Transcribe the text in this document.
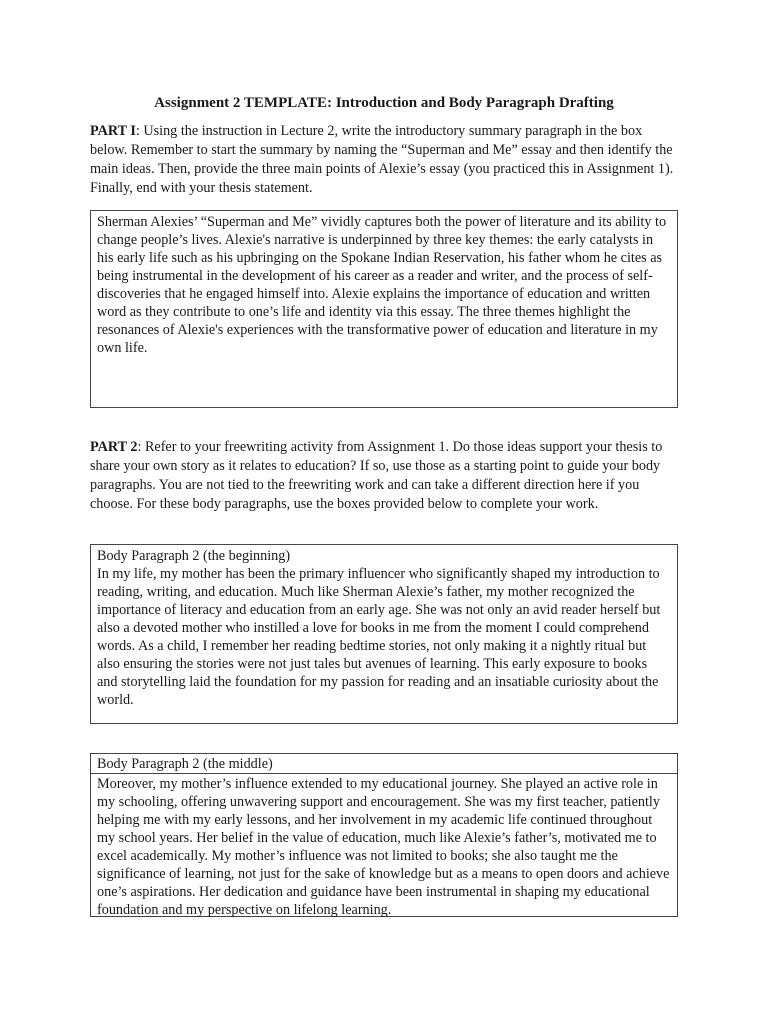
Assignment 2 TEMPLATE: Introduction and Body Paragraph Drafting
PART I: Using the instruction in Lecture 2, write the introductory summary paragraph in the box below. Remember to start the summary by naming the “Superman and Me” essay and then identify the main ideas. Then, provide the three main points of Alexie’s essay (you practiced this in Assignment 1). Finally, end with your thesis statement.
Sherman Alexies’ “Superman and Me” vividly captures both the power of literature and its ability to change people’s lives. Alexie's narrative is underpinned by three key themes: the early catalysts in his early life such as his upbringing on the Spokane Indian Reservation, his father whom he cites as being instrumental in the development of his career as a reader and writer, and the process of self-discoveries that he engaged himself into. Alexie explains the importance of education and written word as they contribute to one’s life and identity via this essay. The three themes highlight the resonances of Alexie's experiences with the transformative power of education and literature in my own life.
PART 2: Refer to your freewriting activity from Assignment 1. Do those ideas support your thesis to share your own story as it relates to education? If so, use those as a starting point to guide your body paragraphs. You are not tied to the freewriting work and can take a different direction here if you choose. For these body paragraphs, use the boxes provided below to complete your work.
Body Paragraph 2 (the beginning)
In my life, my mother has been the primary influencer who significantly shaped my introduction to reading, writing, and education. Much like Sherman Alexie’s father, my mother recognized the importance of literacy and education from an early age. She was not only an avid reader herself but also a devoted mother who instilled a love for books in me from the moment I could comprehend words. As a child, I remember her reading bedtime stories, not only making it a nightly ritual but also ensuring the stories were not just tales but avenues of learning. This early exposure to books and storytelling laid the foundation for my passion for reading and an insatiable curiosity about the world.
Body Paragraph 2 (the middle)
Moreover, my mother’s influence extended to my educational journey. She played an active role in my schooling, offering unwavering support and encouragement. She was my first teacher, patiently helping me with my early lessons, and her involvement in my academic life continued throughout my school years. Her belief in the value of education, much like Alexie’s father’s, motivated me to excel academically. My mother’s influence was not limited to books; she also taught me the significance of learning, not just for the sake of knowledge but as a means to open doors and achieve one’s aspirations. Her dedication and guidance have been instrumental in shaping my educational foundation and my perspective on lifelong learning.
